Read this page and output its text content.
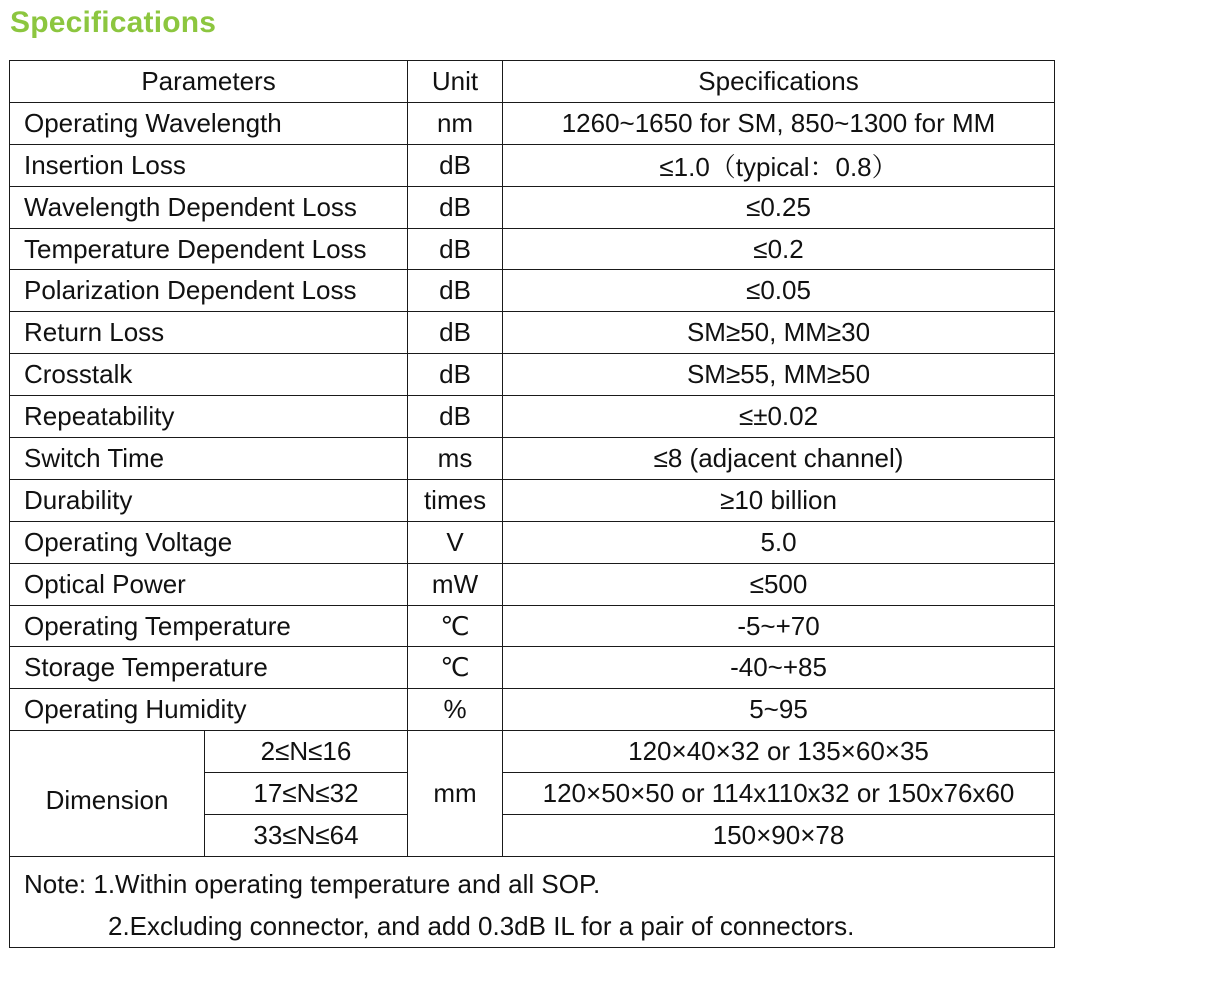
Specifications
Parameters		Unit	Specifications
Operating Wavelength		nm	1260~1650 for SM, 850~1300 for MM
Insertion Loss		dB	≤1.0（typical：0.8）
Wavelength Dependent Loss		dB	≤0.25
Temperature Dependent Loss		dB	≤0.2
Polarization Dependent Loss		dB	≤0.05
Return Loss		dB	SM≥50, MM≥30
Crosstalk		dB	SM≥55, MM≥50
Repeatability		dB	≤±0.02
Switch Time		ms	≤8 (adjacent channel)
Durability		times	≥10 billion
Operating Voltage		V	5.0
Optical Power		mW	≤500
Operating Temperature		℃	-5~+70
Storage Temperature		℃	-40~+85
Operating Humidity		%	5~95
Dimension	2≤N≤16	mm	120×40×32 or 135×60×35
	17≤N≤32		120×50×50 or 114x110x32 or 150x76x60
	33≤N≤64		150×90×78

Note: 1.Within operating temperature and all SOP.
2.Excluding connector, and add 0.3dB IL for a pair of connectors.			
